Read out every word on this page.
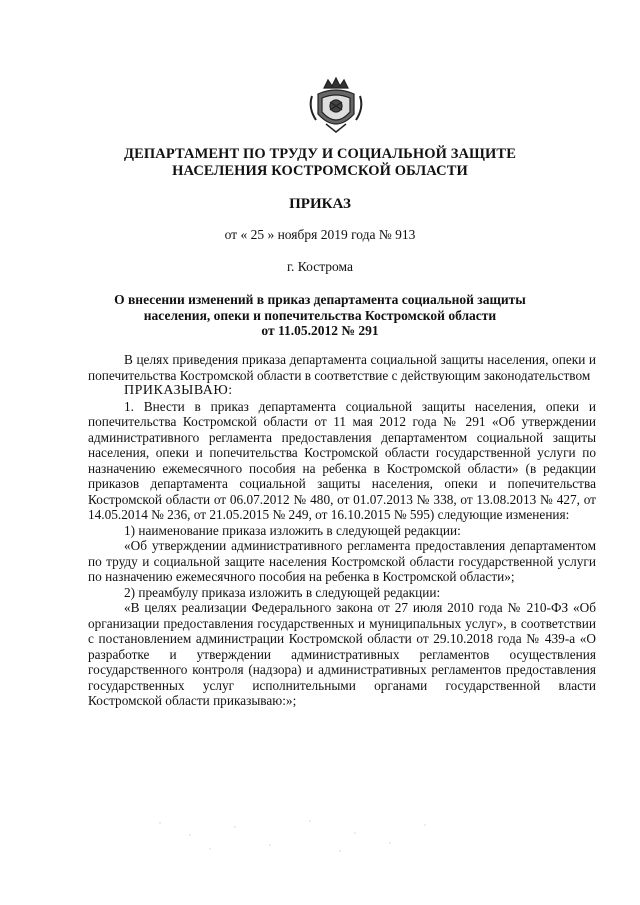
ДЕПАРТАМЕНТ ПО ТРУДУ И СОЦИАЛЬНОЙ ЗАЩИТЕ
НАСЕЛЕНИЯ КОСТРОМСКОЙ ОБЛАСТИ
ПРИКАЗ
от « 25 » ноября 2019 года № 913
г. Кострома
О внесении изменений в приказ департамента социальной защиты
населения, опеки и попечительства Костромской области
от 11.05.2012 № 291

В целях приведения приказа департамента социальной защиты населения, опеки и попечительства Костромской области в соответствие с действующим законодательством

ПРИКАЗЫВАЮ:

1. Внести в приказ департамента социальной защиты населения, опеки и попечительства Костромской области от 11 мая 2012 года № 291 «Об утверждении административного регламента предоставления департаментом социальной защиты населения, опеки и попечительства Костромской области государственной услуги по назначению ежемесячного пособия на ребенка в Костромской области» (в редакции приказов департамента социальной защиты населения, опеки и попечительства Костромской области от 06.07.2012 № 480, от 01.07.2013 № 338, от 13.08.2013 № 427, от 14.05.2014 № 236, от 21.05.2015 № 249, от 16.10.2015 № 595) следующие изменения:

1) наименование приказа изложить в следующей редакции:

«Об утверждении административного регламента предоставления департаментом по труду и социальной защите населения Костромской области государственной услуги по назначению ежемесячного пособия на ребенка в Костромской области»;

2) преамбулу приказа изложить в следующей редакции:

«В целях реализации Федерального закона от 27 июля 2010 года № 210-ФЗ «Об организации предоставления государственных и муниципальных услуг», в соответствии с постановлением администрации Костромской области от 29.10.2018 года № 439-а «О разработке и утверждении административных регламентов осуществления государственного контроля (надзора) и административных регламентов предоставления государственных услуг исполнительными органами государственной власти Костромской области приказываю:»;
